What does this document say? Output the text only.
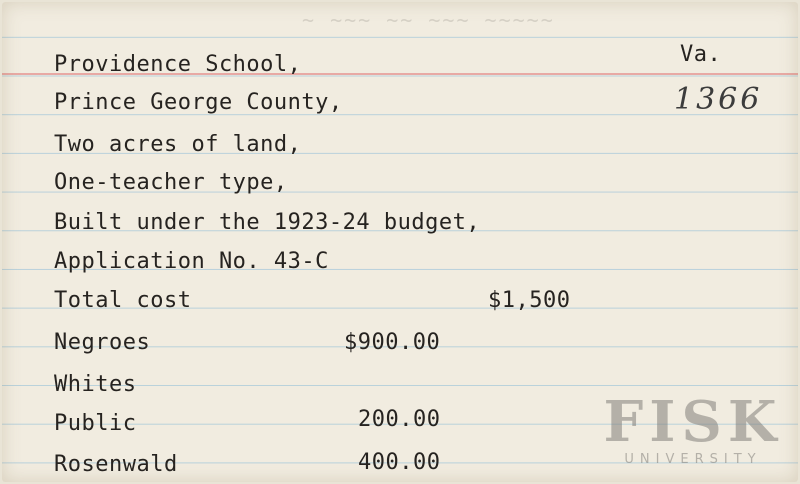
~ ~~~ ~~ ~~~ ~~~~~
Va.
1366
Providence School,
Prince George County,
Two acres of land,
One-teacher type,
Built under the 1923-24 budget,
Application No. 43-C
Total cost	$1,500
Negroes	$900.00
Whites
Public	200.00
Rosenwald	400.00
FISK
UNIVERSITY
